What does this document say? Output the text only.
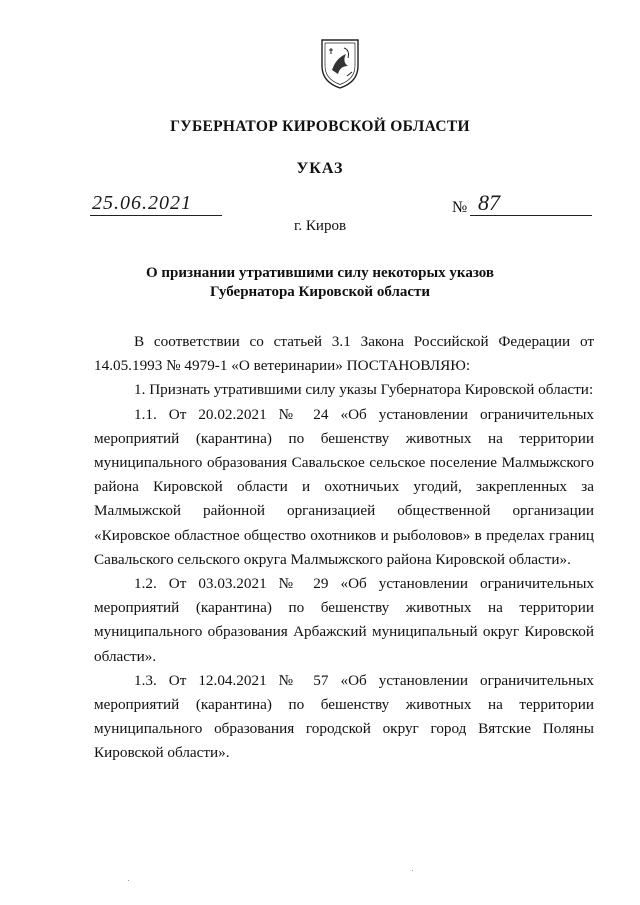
ГУБЕРНАТОР КИРОВСКОЙ ОБЛАСТИ
УКАЗ
25.06.2021	№ 87
г. Киров
О признании утратившими силу некоторых указов
Губернатора Кировской области

В соответствии со статьей 3.1 Закона Российской Федерации от 14.05.1993 № 4979-1 «О ветеринарии» ПОСТАНОВЛЯЮ:

1. Признать утратившими силу указы Губернатора Кировской области:

1.1. От 20.02.2021 № 24 «Об установлении ограничительных мероприятий (карантина) по бешенству животных на территории муниципального образования Савальское сельское поселение Малмыжского района Кировской области и охотничьих угодий, закрепленных за Малмыжской районной организацией общественной организации «Кировское областное общество охотников и рыболовов» в пределах границ Савальского сельского округа Малмыжского района Кировской области».

1.2. От 03.03.2021 № 29 «Об установлении ограничительных мероприятий (карантина) по бешенству животных на территории муниципального образования Арбажский муниципальный округ Кировской области».

1.3. От 12.04.2021 № 57 «Об установлении ограничительных мероприятий (карантина) по бешенству животных на территории муниципального образования городской округ город Вятские Поляны Кировской области».
